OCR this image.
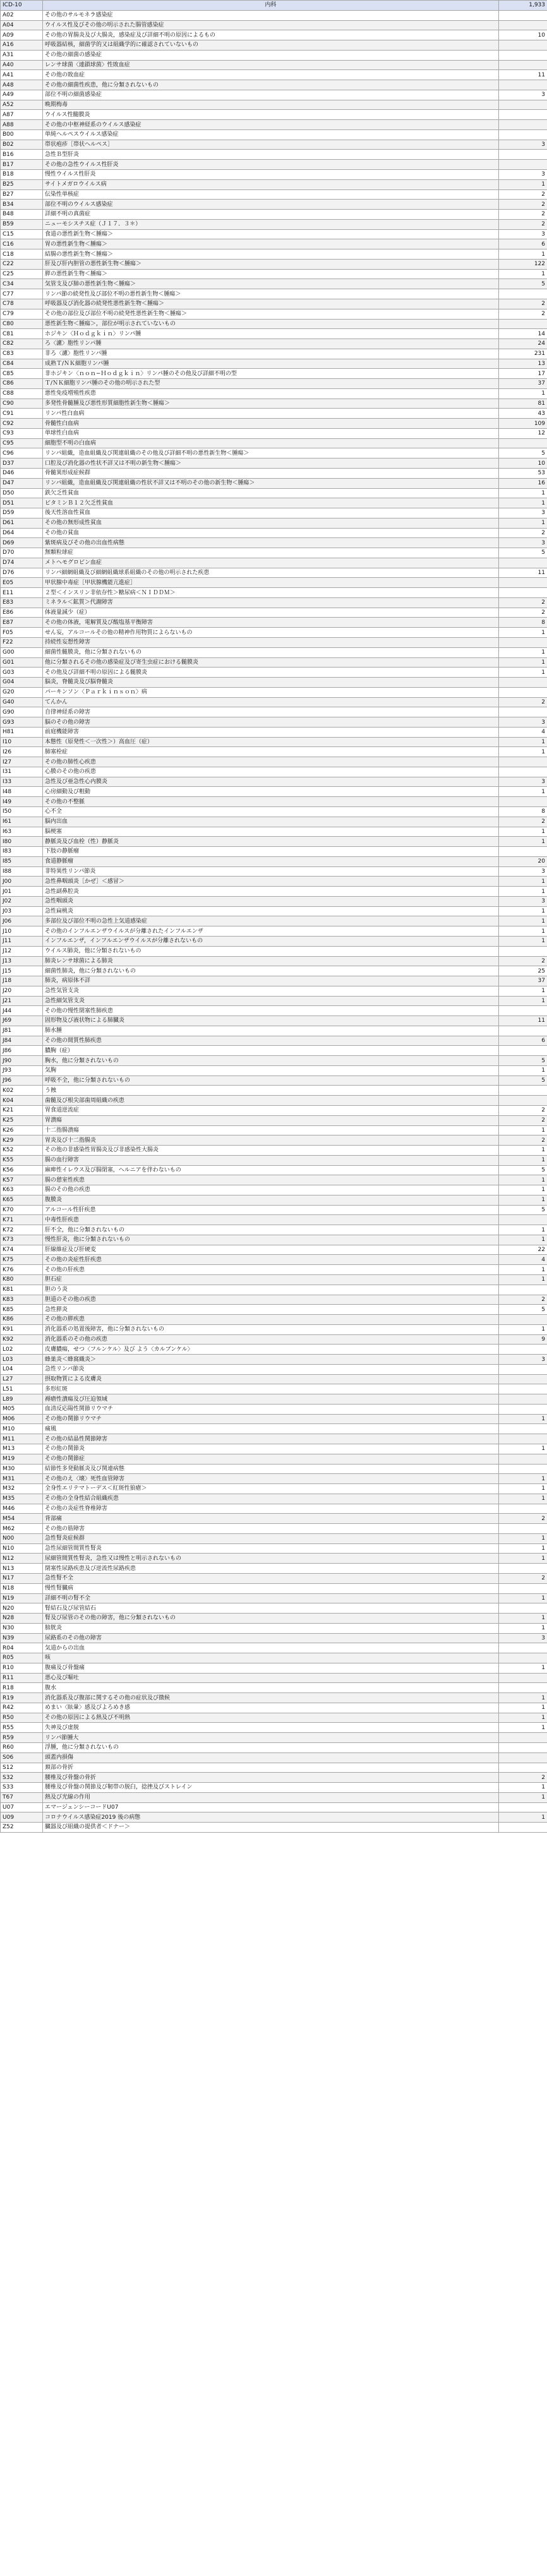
ICD-10	内科	1,933
A02	その他のサルモネラ感染症	
A04	ウイルス性及びその他の明示された腸管感染症	
A09	その他の胃腸炎及び大腸炎，感染症及び詳細不明の原因によるもの	10
A16	呼吸器結核，細菌学的又は組織学的に確認されていないもの	
A31	その他の細菌の感染症	
A40	レンサ球菌〈連鎖球菌〉性敗血症	
A41	その他の敗血症	11
A48	その他の細菌性疾患，他に分類されないもの	
A49	部位不明の細菌感染症	3
A52	晩期梅毒	
A87	ウイルス性髄膜炎	
A88	その他の中枢神経系のウイルス感染症	
B00	単純ヘルペスウイルス感染症	
B02	帯状疱疹［帯状ヘルペス］	3
B16	急性Ｂ型肝炎	
B17	その他の急性ウイルス性肝炎	
B18	慢性ウイルス性肝炎	3
B25	サイトメガロウイルス病	1
B27	伝染性単核症	2
B34	部位不明のウイルス感染症	2
B48	詳細不明の真菌症	2
B59	ニューモシスチス症（Ｊ１７．３＊）	2
C15	食道の悪性新生物＜腫瘍＞	3
C16	胃の悪性新生物＜腫瘍＞	6
C18	結腸の悪性新生物＜腫瘍＞	1
C22	肝及び肝内胆管の悪性新生物＜腫瘍＞	122
C25	膵の悪性新生物＜腫瘍＞	1
C34	気管支及び肺の悪性新生物＜腫瘍＞	5
C77	リンパ節の続発性及び部位不明の悪性新生物＜腫瘍＞	
C78	呼吸器及び消化器の続発性悪性新生物＜腫瘍＞	2
C79	その他の部位及び部位不明の続発性悪性新生物＜腫瘍＞	2
C80	悪性新生物＜腫瘍＞，部位が明示されていないもの	
C81	ホジキン〈Ｈｏｄｇｋｉｎ〉リンパ腫	14
C82	ろ〈濾〉胞性リンパ腫	24
C83	非ろ〈濾〉胞性リンパ腫	231
C84	成熟Ｔ/ＮＫ細胞リンパ腫	13
C85	非ホジキン〈ｎｏｎ−Ｈｏｄｇｋｉｎ〉リンパ腫のその他及び詳細不明の型	17
C86	Ｔ/ＮＫ細胞リンパ腫のその他の明示された型	37
C88	悪性免疫増殖性疾患	1
C90	多発性骨髄腫及び悪性形質細胞性新生物＜腫瘍＞	81
C91	リンパ性白血病	43
C92	骨髄性白血病	109
C93	単球性白血病	12
C95	細胞型不明の白血病	
C96	リンパ組織，造血組織及び関連組織のその他及び詳細不明の悪性新生物＜腫瘍＞	5
D37	口腔及び消化器の性状不詳又は不明の新生物＜腫瘍＞	10
D46	骨髄異形成症候群	53
D47	リンパ組織，造血組織及び関連組織の性状不詳又は不明のその他の新生物＜腫瘍＞	16
D50	鉄欠乏性貧血	1
D51	ビタミンＢ１２欠乏性貧血	1
D59	後天性溶血性貧血	3
D61	その他の無形成性貧血	1
D64	その他の貧血	2
D69	紫斑病及びその他の出血性病態	3
D70	無顆粒球症	5
D74	メトヘモグロビン血症	
D76	リンパ細網組織及び細網組織球系組織のその他の明示された疾患	11
E05	甲状腺中毒症［甲状腺機能亢進症］	
E11	２型＜インスリン非依存性＞糖尿病＜ＮＩＤＤＭ＞	
E83	ミネラル＜鉱質＞代謝障害	2
E86	体液量減少（症）	2
E87	その他の体液，電解質及び酸塩基平衡障害	8
F05	せん妄，アルコールその他の精神作用物質によらないもの	1
F22	持続性妄想性障害	
G00	細菌性髄膜炎，他に分類されないもの	1
G01	他に分類されるその他の感染症及び寄生虫症における髄膜炎	1
G03	その他及び詳細不明の原因による髄膜炎	1
G04	脳炎，脊髄炎及び脳脊髄炎	
G20	パーキンソン〈Ｐａｒｋｉｎｓｏｎ〉病	
G40	てんかん	2
G90	自律神経系の障害	
G93	脳のその他の障害	3
H81	前庭機能障害	4
I10	本態性（原発性＜一次性＞）高血圧（症）	1
I26	肺塞栓症	1
I27	その他の肺性心疾患	
I31	心膜のその他の疾患	
I33	急性及び亜急性心内膜炎	3
I48	心房細動及び粗動	1
I49	その他の不整脈	
I50	心不全	8
I61	脳内出血	2
I63	脳梗塞	1
I80	静脈炎及び血栓（性）静脈炎	1
I83	下肢の静脈瘤	
I85	食道静脈瘤	20
I88	非特異性リンパ節炎	3
J00	急性鼻咽頭炎［かぜ］＜感冒＞	1
J01	急性副鼻腔炎	1
J02	急性咽頭炎	3
J03	急性扁桃炎	1
J06	多部位及び部位不明の急性上気道感染症	1
J10	その他のインフルエンザウイルスが分離されたインフルエンザ	1
J11	インフルエンザ，インフルエンザウイルスが分離されないもの	1
J12	ウイルス肺炎，他に分類されないもの	
J13	肺炎レンサ球菌による肺炎	2
J15	細菌性肺炎，他に分類されないもの	25
J18	肺炎，病原体不詳	37
J20	急性気管支炎	1
J21	急性細気管支炎	1
J44	その他の慢性閉塞性肺疾患	
J69	固形物及び液状物による肺臓炎	11
J81	肺水腫	
J84	その他の間質性肺疾患	6
J86	膿胸（症）	
J90	胸水，他に分類されないもの	5
J93	気胸	1
J96	呼吸不全，他に分類されないもの	5
K02	う蝕	
K04	歯髄及び根尖部歯周組織の疾患	
K21	胃食道逆流症	2
K25	胃潰瘍	2
K26	十二指腸潰瘍	1
K29	胃炎及び十二指腸炎	2
K52	その他の非感染性胃腸炎及び非感染性大腸炎	1
K55	腸の血行障害	1
K56	麻痺性イレウス及び腸閉塞，ヘルニアを伴わないもの	5
K57	腸の憩室性疾患	1
K63	腸のその他の疾患	1
K65	腹膜炎	1
K70	アルコール性肝疾患	5
K71	中毒性肝疾患	
K72	肝不全，他に分類されないもの	1
K73	慢性肝炎，他に分類されないもの	1
K74	肝線維症及び肝硬変	22
K75	その他の炎症性肝疾患	4
K76	その他の肝疾患	1
K80	胆石症	1
K81	胆のう炎	
K83	胆道のその他の疾患	2
K85	急性膵炎	5
K86	その他の膵疾患	
K91	消化器系の処置後障害，他に分類されないもの	1
K92	消化器系のその他の疾患	9
L02	皮膚膿瘍，せつ〈フルンケル〉及び よう〈カルブンケル〉	
L03	蜂巣炎＜蜂窩織炎＞	3
L04	急性リンパ節炎	
L27	摂取物質による皮膚炎	
L51	多形紅斑	
L89	褥瘡性潰瘍及び圧迫領域	
M05	血清反応陽性関節リウマチ	
M06	その他の関節リウマチ	1
M10	痛風	
M11	その他の結晶性関節障害	
M13	その他の関節炎	1
M19	その他の関節症	
M30	結節性多発動脈炎及び関連病態	
M31	その他のえ〈壊〉死性血管障害	1
M32	全身性エリテマトーデス＜紅斑性狼瘡＞	1
M35	その他の全身性結合組織疾患	1
M46	その他の炎症性脊椎障害	
M54	背部痛	2
M62	その他の筋障害	
N00	急性腎炎症候群	1
N10	急性尿細管間質性腎炎	1
N12	尿細管間質性腎炎，急性又は慢性と明示されないもの	1
N13	閉塞性尿路疾患及び逆流性尿路疾患	
N17	急性腎不全	2
N18	慢性腎臓病	
N19	詳細不明の腎不全	1
N20	腎結石及び尿管結石	
N28	腎及び尿管のその他の障害，他に分類されないもの	1
N30	膀胱炎	1
N39	尿路系のその他の障害	3
R04	気道からの出血	
R05	咳	
R10	腹痛及び骨盤痛	1
R11	悪心及び嘔吐	
R18	腹水	
R19	消化器系及び腹部に関するその他の症状及び徴候	1
R42	めまい〈眩暈〉感及びよろめき感	1
R50	その他の原因による熱及び不明熱	1
R55	失神及び虚脱	1
R59	リンパ節腫大	
R60	浮腫，他に分類されないもの	
S06	頭蓋内損傷	
S12	頚部の骨折	
S32	腰椎及び骨盤の骨折	2
S33	腰椎及び骨盤の関節及び靭帯の脱臼，捻挫及びストレイン	1
T67	熱及び光線の作用	1
U07	エマージェンシーコードU07	
U09	コロナウイルス感染症2019 後の病態	1
Z52	臓器及び組織の提供者＜ドナー＞	
